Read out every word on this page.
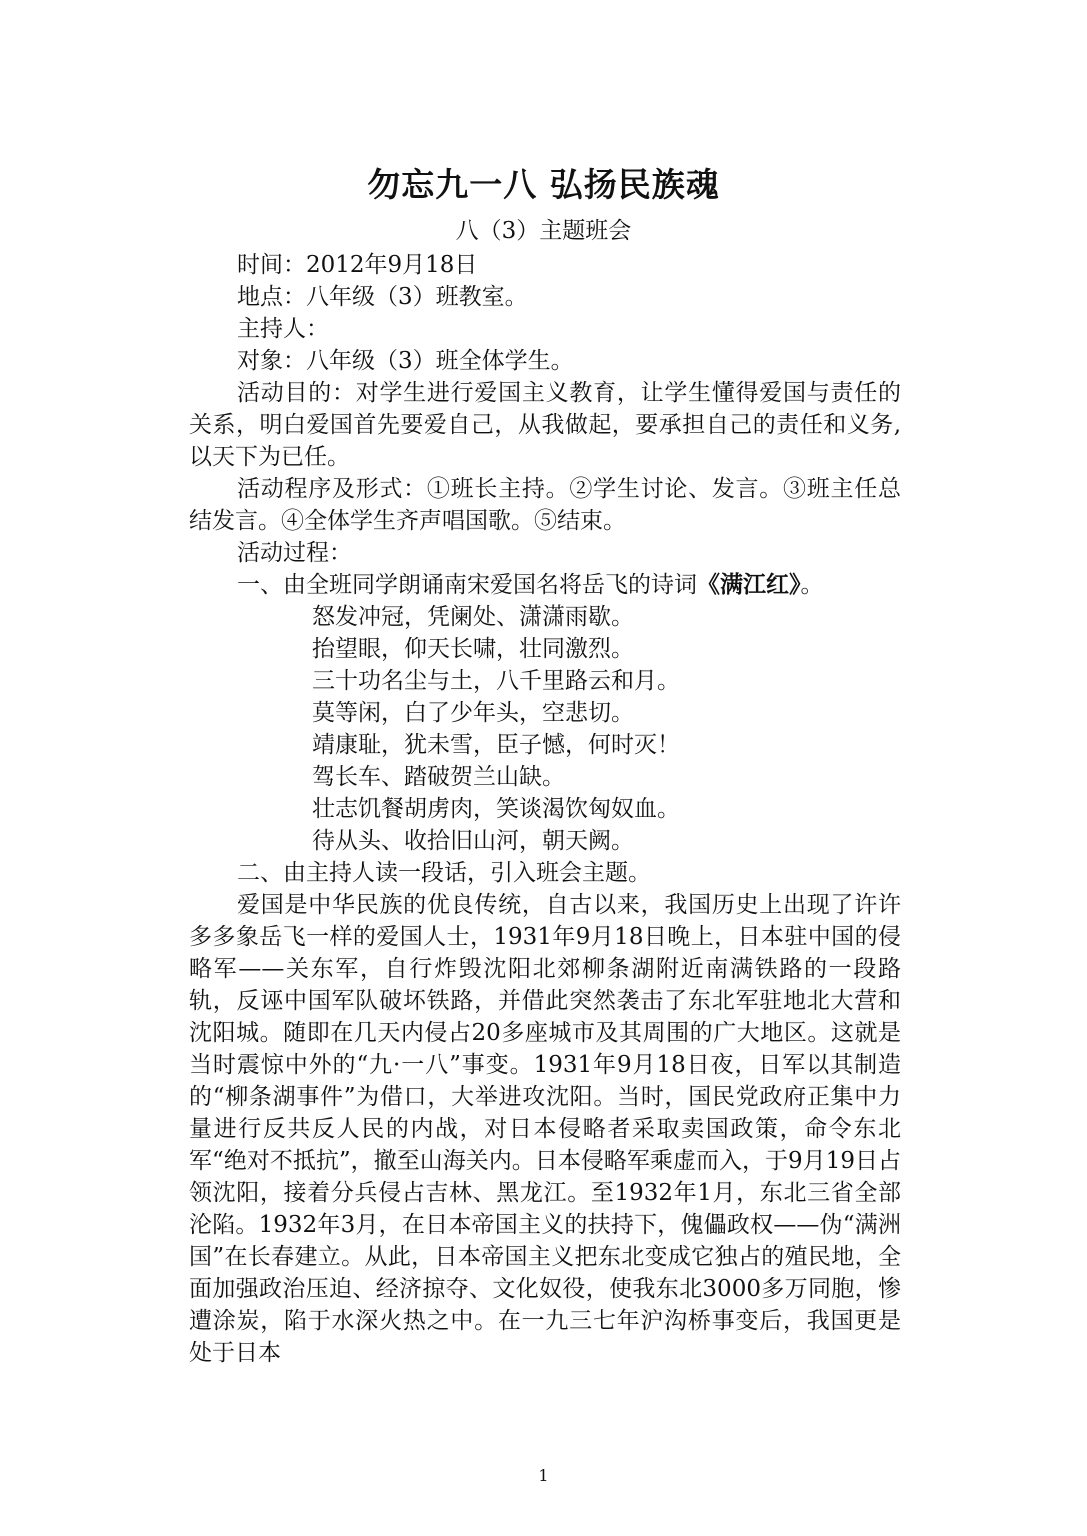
勿忘九一八 弘扬民族魂
八（3）主题班会

时间：2012年9月18日

地点：八年级（3）班教室。

主持人：

对象：八年级（3）班全体学生。

活动目的：对学生进行爱国主义教育，让学生懂得爱国与责任的关系，明白爱国首先要爱自己，从我做起，要承担自己的责任和义务,以天下为已任。

活动程序及形式：①班长主持。②学生讨论、发言。③班主任总结发言。④全体学生齐声唱国歌。⑤结束。

活动过程：

一、由全班同学朗诵南宋爱国名将岳飞的诗词《满江红》。

怒发冲冠，凭阑处、潇潇雨歇。

抬望眼，仰天长啸，壮同激烈。

三十功名尘与土，八千里路云和月。

莫等闲，白了少年头，空悲切。

靖康耻，犹未雪，臣子憾，何时灭！

驾长车、踏破贺兰山缺。

壮志饥餐胡虏肉，笑谈渴饮匈奴血。

待从头、收拾旧山河，朝天阙。

二、由主持人读一段话，引入班会主题。

爱国是中华民族的优良传统，自古以来，我国历史上出现了许许多多象岳飞一样的爱国人士，1931年9月18日晚上，日本驻中国的侵略军——关东军，自行炸毁沈阳北郊柳条湖附近南满铁路的一段路轨，反诬中国军队破坏铁路，并借此突然袭击了东北军驻地北大营和沈阳城。随即在几天内侵占20多座城市及其周围的广大地区。这就是当时震惊中外的“九·一八”事变。1931年9月18日夜，日军以其制造的“柳条湖事件”为借口，大举进攻沈阳。当时，国民党政府正集中力量进行反共反人民的内战，对日本侵略者采取卖国政策，命令东北军“绝对不抵抗”，撤至山海关内。日本侵略军乘虚而入，于9月19日占领沈阳，接着分兵侵占吉林、黑龙江。至1932年1月，东北三省全部沦陷。1932年3月，在日本帝国主义的扶持下，傀儡政权——伪“满洲国”在长春建立。从此，日本帝国主义把东北变成它独占的殖民地，全面加强政治压迫、经济掠夺、文化奴役，使我东北3000多万同胞，惨遭涂炭，陷于水深火热之中。在一九三七年沪沟桥事变后，我国更是处于日本

1
